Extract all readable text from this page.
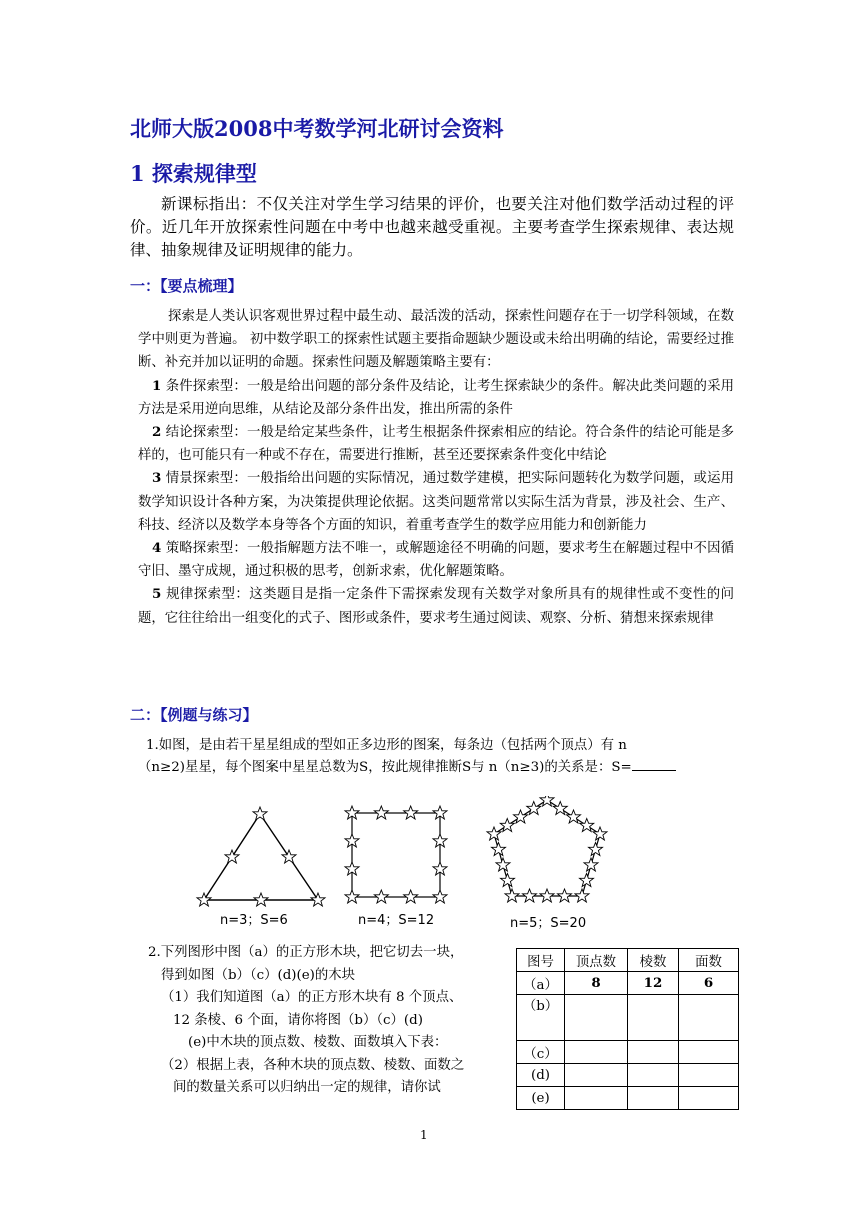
北师大版2008中考数学河北研讨会资料
1 探索规律型

新课标指出：不仅关注对学生学习结果的评价，也要关注对他们数学活动过程的评价。近几年开放探索性问题在中考中也越来越受重视。主要考查学生探索规律、表达规律、抽象规律及证明规律的能力。

一：【要点梳理】

探索是人类认识客观世界过程中最生动、最活泼的活动，探索性问题存在于一切学科领域，在数学中则更为普遍。 初中数学职工的探索性试题主要指命题缺少题设或未给出明确的结论，需要经过推断、补充并加以证明的命题。探索性问题及解题策略主要有：

1 条件探索型：一般是给出问题的部分条件及结论，让考生探索缺少的条件。解决此类问题的采用方法是采用逆向思维，从结论及部分条件出发，推出所需的条件

2 结论探索型：一般是给定某些条件，让考生根据条件探索相应的结论。符合条件的结论可能是多样的，也可能只有一种或不存在，需要进行推断，甚至还要探索条件变化中结论

3 情景探索型：一般指给出问题的实际情况，通过数学建模，把实际问题转化为数学问题，或运用数学知识设计各种方案，为决策提供理论依据。这类问题常常以实际生活为背景，涉及社会、生产、科技、经济以及数学本身等各个方面的知识，着重考查学生的数学应用能力和创新能力

4 策略探索型：一般指解题方法不唯一，或解题途径不明确的问题，要求考生在解题过程中不因循守旧、墨守成规，通过积极的思考，创新求索，优化解题策略。

5 规律探索型：这类题目是指一定条件下需探索发现有关数学对象所具有的规律性或不变性的问题，它往往给出一组变化的式子、图形或条件，要求考生通过阅读、观察、分析、猜想来探索规律

二：【例题与练习】

1.如图，是由若干星星组成的型如正多边形的图案，每条边（包括两个顶点）有 n

（n≥2)星星，每个图案中星星总数为S，按此规律推断S与 n（n≥3)的关系是：S=

n=3；S=6	n=4；S=12	n=5；S=20

2.下列图形中图（a）的正方形木块，把它切去一块，

得到如图（b）（c）(d)(e)的木块

（1）我们知道图（a）的正方形木块有 8 个顶点、

12 条棱、6 个面，请你将图（b）（c）(d)

(e)中木块的顶点数、棱数、面数填入下表：

（2）根据上表，各种木块的顶点数、棱数、面数之

间的数量关系可以归纳出一定的规律，请你试

图号	顶点数	棱数	面数
（a）	8	12	6
（b）			
（c）			
(d)			
(e)			
1
